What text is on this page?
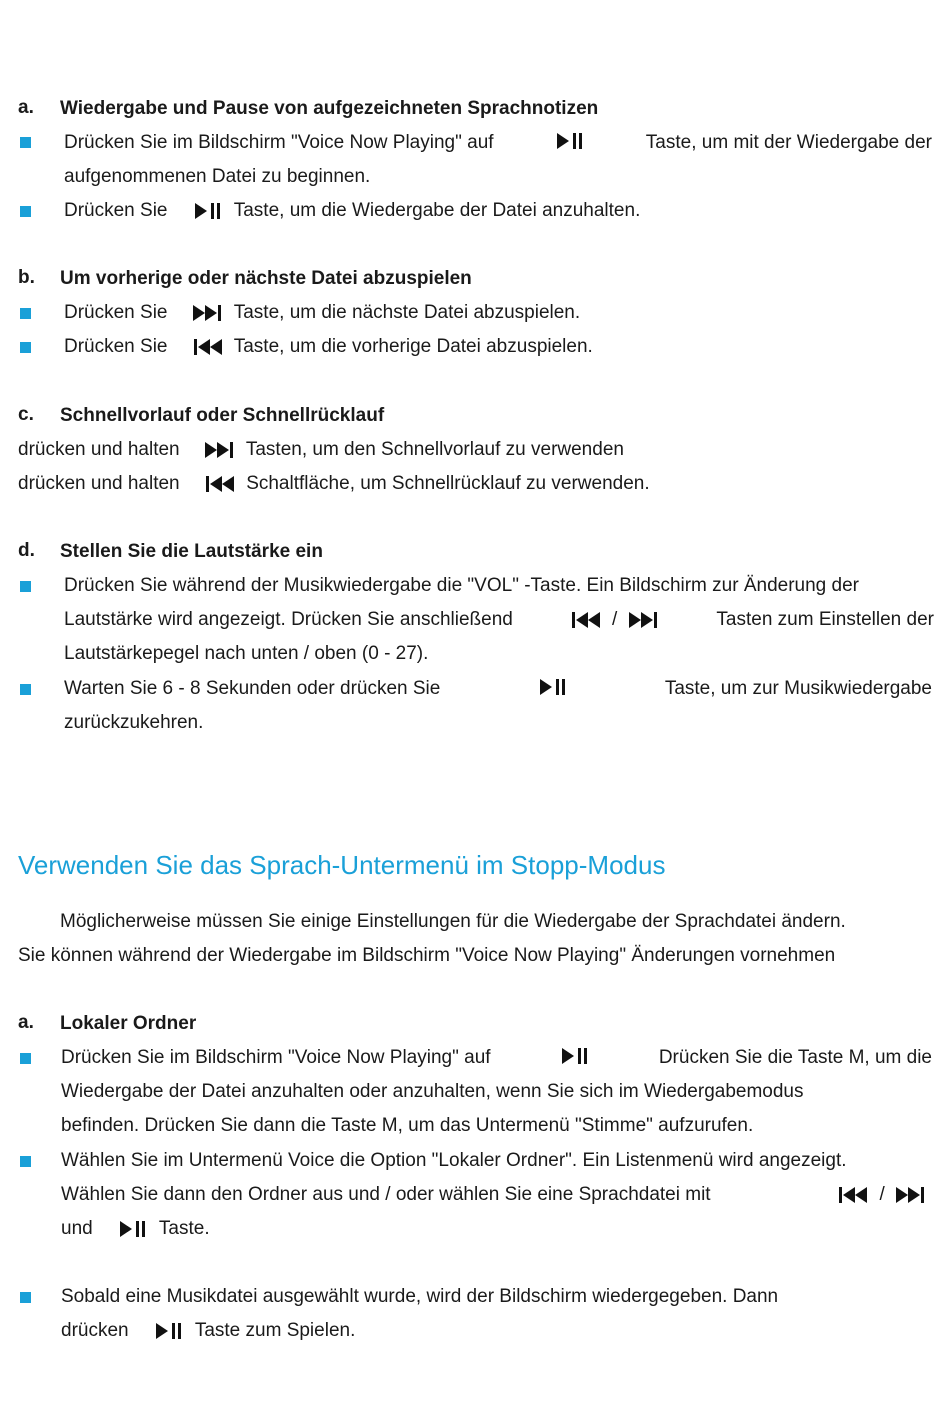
a. Wiedergabe und Pause von aufgezeichneten Sprachnotizen
Drücken Sie im Bildschirm "Voice Now Playing" auf	Taste, um mit der Wiedergabe der
aufgenommenen Datei zu beginnen.
Drücken Sie	Taste, um die Wiedergabe der Datei anzuhalten.
b. Um vorherige oder nächste Datei abzuspielen
Drücken Sie	Taste, um die nächste Datei abzuspielen.
Drücken Sie	Taste, um die vorherige Datei abzuspielen.
c. Schnellvorlauf oder Schnellrücklauf
drücken und halten	Tasten, um den Schnellvorlauf zu verwenden
drücken und halten	Schaltfläche, um Schnellrücklauf zu verwenden.
d. Stellen Sie die Lautstärke ein
Drücken Sie während der Musikwiedergabe die "VOL" -Taste. Ein Bildschirm zur Änderung der
Lautstärke wird angezeigt. Drücken Sie anschließend	/	Tasten zum Einstellen der
Lautstärkepegel nach unten / oben (0 - 27).
Warten Sie 6 - 8 Sekunden oder drücken Sie	Taste, um zur Musikwiedergabe
zurückzukehren.
Verwenden Sie das Sprach-Untermenü im Stopp-Modus
Möglicherweise müssen Sie einige Einstellungen für die Wiedergabe der Sprachdatei ändern.
Sie können während der Wiedergabe im Bildschirm "Voice Now Playing" Änderungen vornehmen
a. Lokaler Ordner
Drücken Sie im Bildschirm "Voice Now Playing" auf	Drücken Sie die Taste M, um die
Wiedergabe der Datei anzuhalten oder anzuhalten, wenn Sie sich im Wiedergabemodus
befinden. Drücken Sie dann die Taste M, um das Untermenü "Stimme" aufzurufen.
Wählen Sie im Untermenü Voice die Option "Lokaler Ordner". Ein Listenmenü wird angezeigt.
Wählen Sie dann den Ordner aus und / oder wählen Sie eine Sprachdatei mit	/
und	Taste.
Sobald eine Musikdatei ausgewählt wurde, wird der Bildschirm wiedergegeben. Dann
drücken	Taste zum Spielen.
